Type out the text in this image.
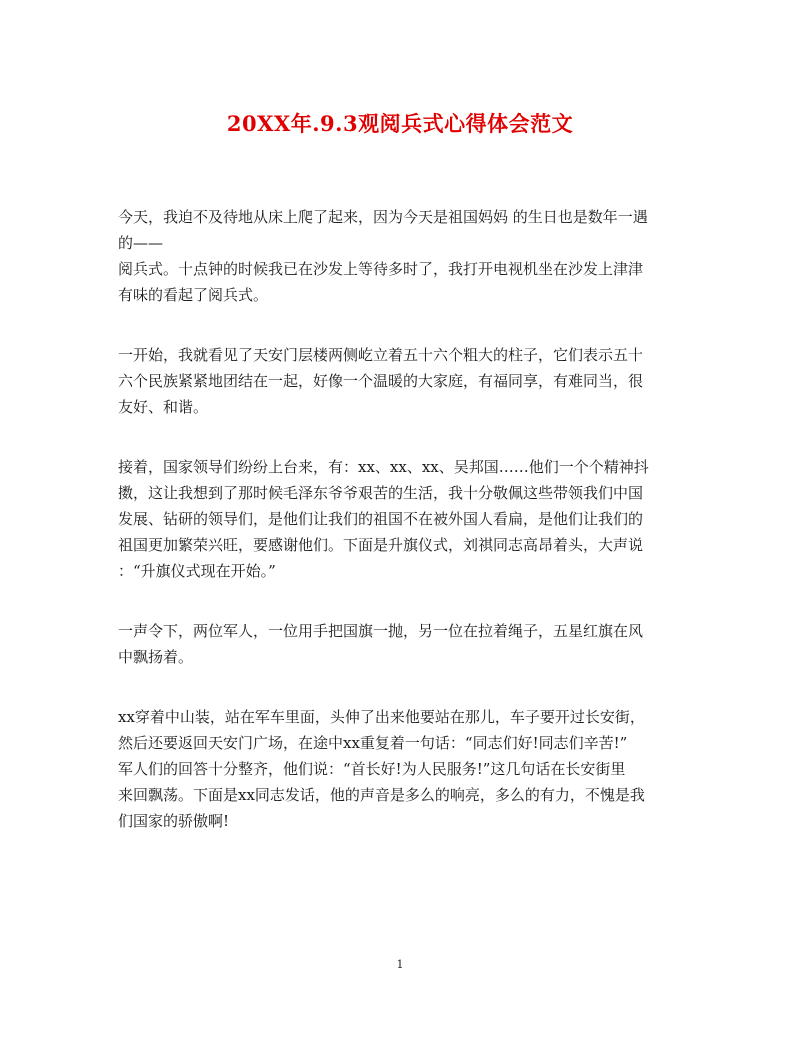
20XX年.9.3观阅兵式心得体会范文

今天，我迫不及待地从床上爬了起来，因为今天是祖国妈妈 的生日也是数年一遇
的——
阅兵式。十点钟的时候我已在沙发上等待多时了，我打开电视机坐在沙发上津津
有味的看起了阅兵式。

一开始，我就看见了天安门层楼两侧屹立着五十六个粗大的柱子，它们表示五十
六个民族紧紧地团结在一起，好像一个温暖的大家庭，有福同享，有难同当，很
友好、和谐。

接着，国家领导们纷纷上台来，有：xx、xx、xx、吴邦国……他们一个个精神抖
擞，这让我想到了那时候毛泽东爷爷艰苦的生活，我十分敬佩这些带领我们中国
发展、钻研的领导们，是他们让我们的祖国不在被外国人看扁，是他们让我们的
祖国更加繁荣兴旺，要感谢他们。下面是升旗仪式，刘祺同志高昂着头，大声说
：“升旗仪式现在开始。”

一声令下，两位军人，一位用手把国旗一抛，另一位在拉着绳子，五星红旗在风
中飘扬着。

xx穿着中山装，站在军车里面，头伸了出来他要站在那儿，车子要开过长安街，
然后还要返回天安门广场，在途中xx重复着一句话：“同志们好!同志们辛苦!”
军人们的回答十分整齐，他们说：“首长好!为人民服务!”这几句话在长安街里
来回飘荡。下面是xx同志发话，他的声音是多么的响亮，多么的有力，不愧是我
们国家的骄傲啊!

1
